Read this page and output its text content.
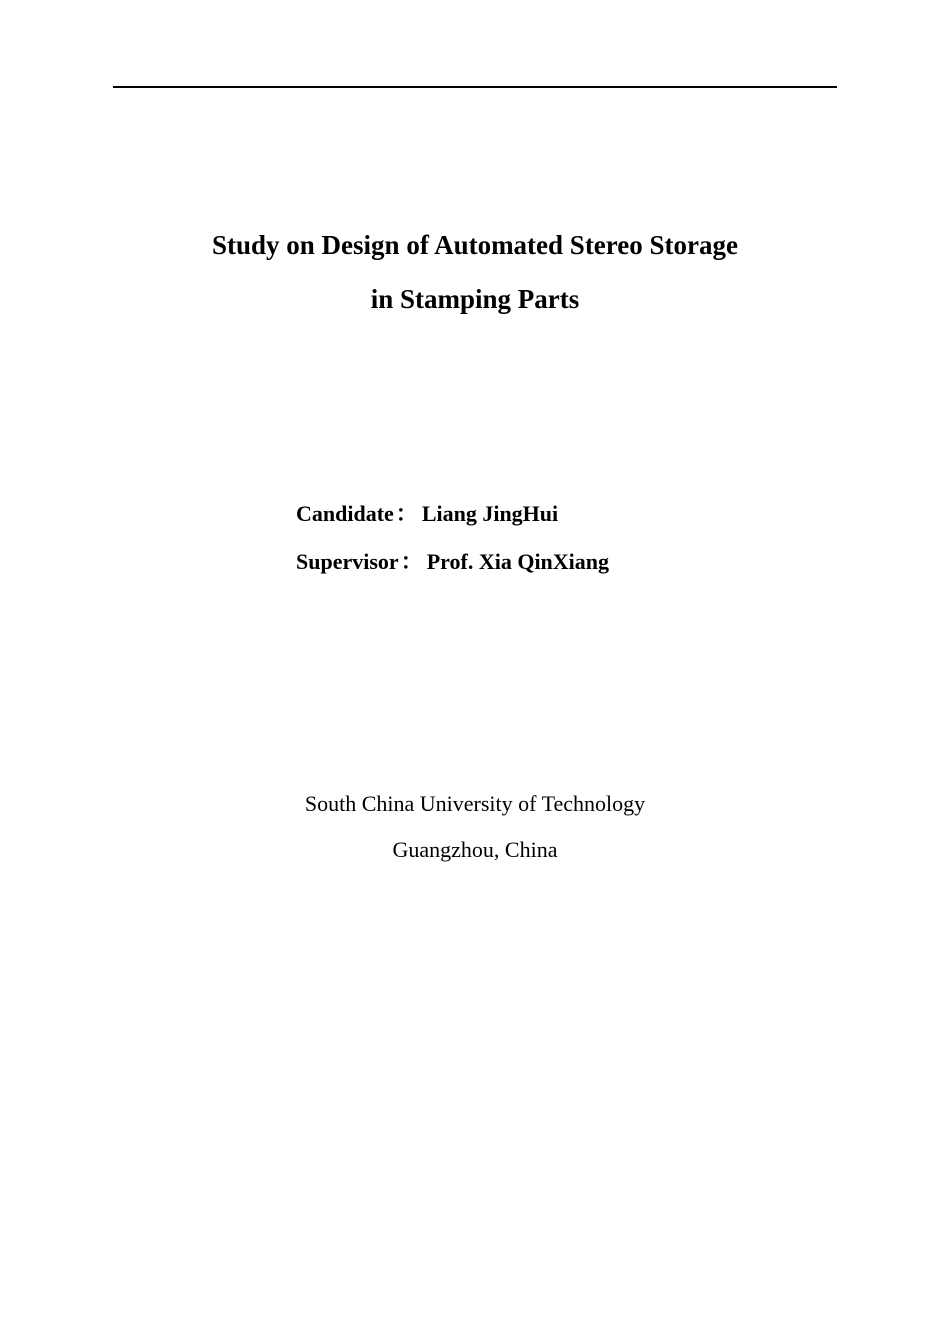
Study on Design of Automated Stereo Storage
in Stamping Parts
Candidate： Liang JingHui
Supervisor： Prof. Xia QinXiang
South China University of Technology
Guangzhou, China
